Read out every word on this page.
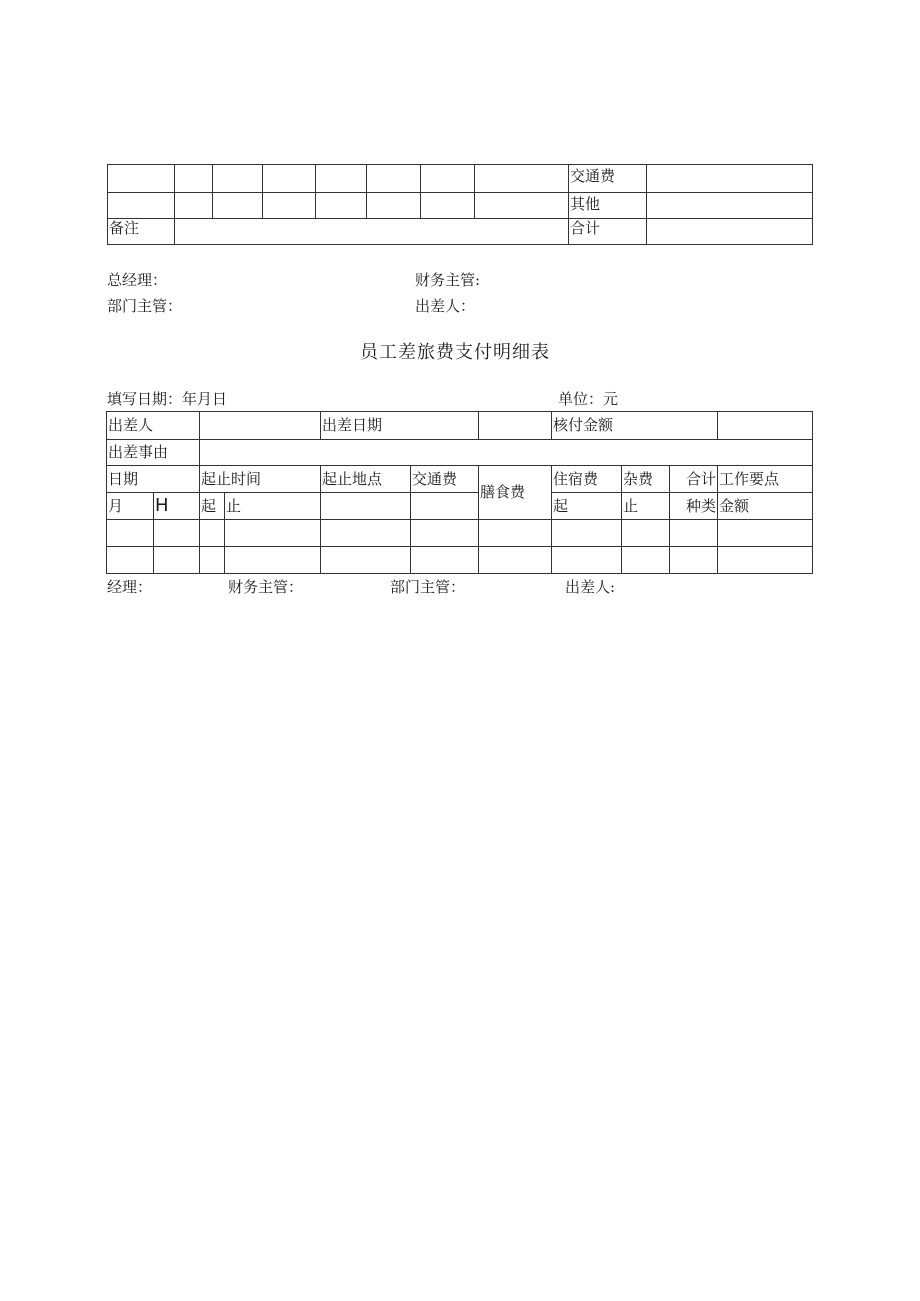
								交通费	
								其他	
备注								合计	
总经理：	财务主管:
部门主管：	出差人：
员工差旅费支付明细表
填写日期：年月日	单位：元
出差人				出差日期			核付金额			
出差事由										
日期		起止时间		起止地点	交通费	膳食费	住宿费	杂费	合计	工作要点
月	H	起	止				起	止	种类	金额

经理：	财务主管：	部门主管：	出差人:
